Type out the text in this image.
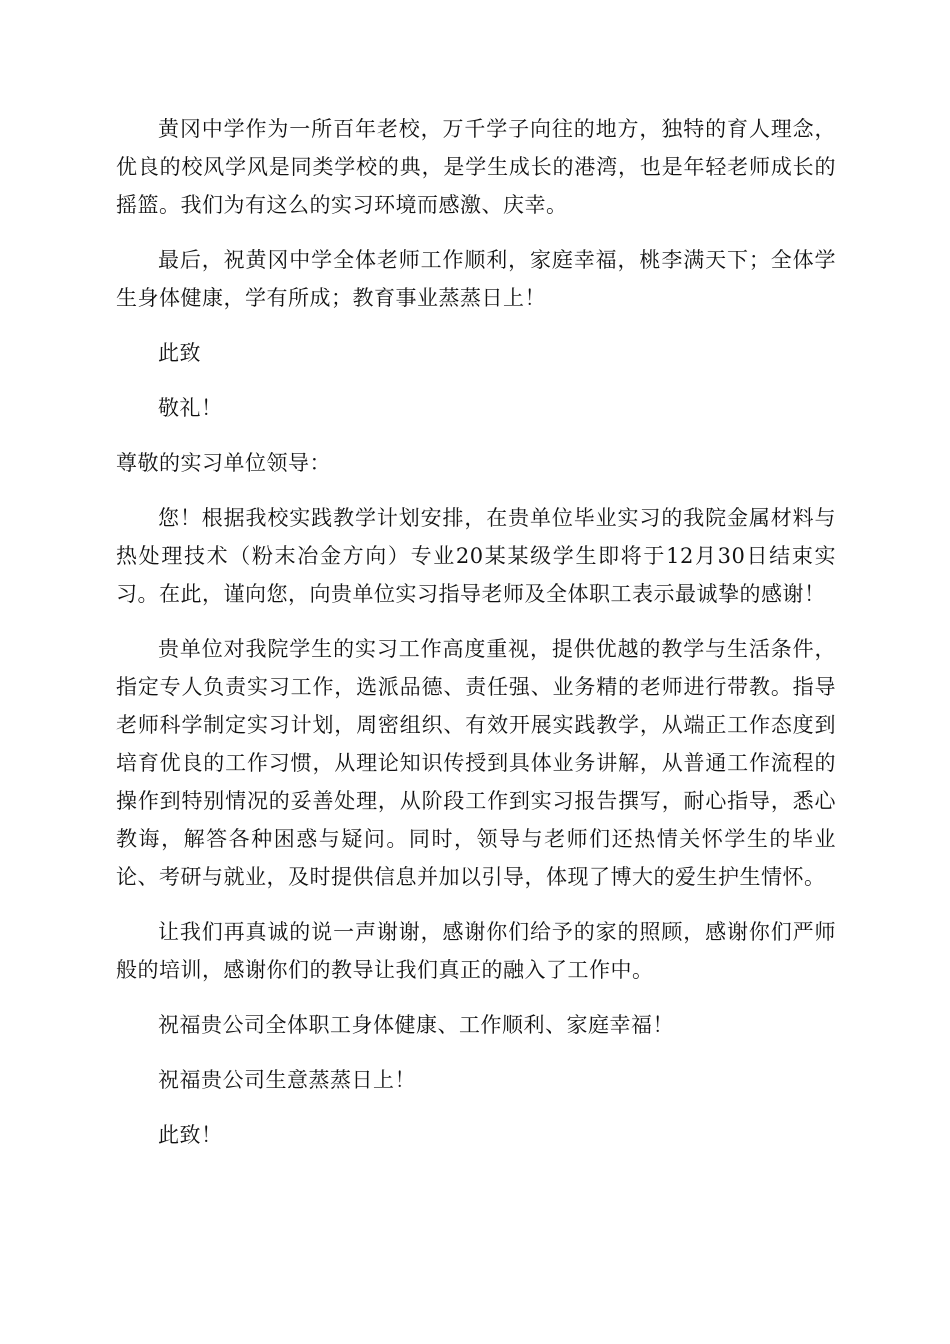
黄冈中学作为一所百年老校，万千学子向往的地方，独特的育人理念，优良的校风学风是同类学校的典，是学生成长的港湾，也是年轻老师成长的摇篮。我们为有这么的实习环境而感激、庆幸。

最后，祝黄冈中学全体老师工作顺利，家庭幸福，桃李满天下；全体学生身体健康，学有所成；教育事业蒸蒸日上！

此致

敬礼！

尊敬的实习单位领导：

您！根据我校实践教学计划安排，在贵单位毕业实习的我院金属材料与热处理技术（粉末冶金方向）专业20某某级学生即将于12月30日结束实习。在此，谨向您，向贵单位实习指导老师及全体职工表示最诚挚的感谢！

贵单位对我院学生的实习工作高度重视，提供优越的教学与生活条件，指定专人负责实习工作，选派品德、责任强、业务精的老师进行带教。指导老师科学制定实习计划，周密组织、有效开展实践教学，从端正工作态度到培育优良的工作习惯，从理论知识传授到具体业务讲解，从普通工作流程的操作到特别情况的妥善处理，从阶段工作到实习报告撰写，耐心指导，悉心教诲，解答各种困惑与疑问。同时，领导与老师们还热情关怀学生的毕业论、考研与就业，及时提供信息并加以引导，体现了博大的爱生护生情怀。

让我们再真诚的说一声谢谢，感谢你们给予的家的照顾，感谢你们严师般的培训，感谢你们的教导让我们真正的融入了工作中。

祝福贵公司全体职工身体健康、工作顺利、家庭幸福！

祝福贵公司生意蒸蒸日上！

此致！
